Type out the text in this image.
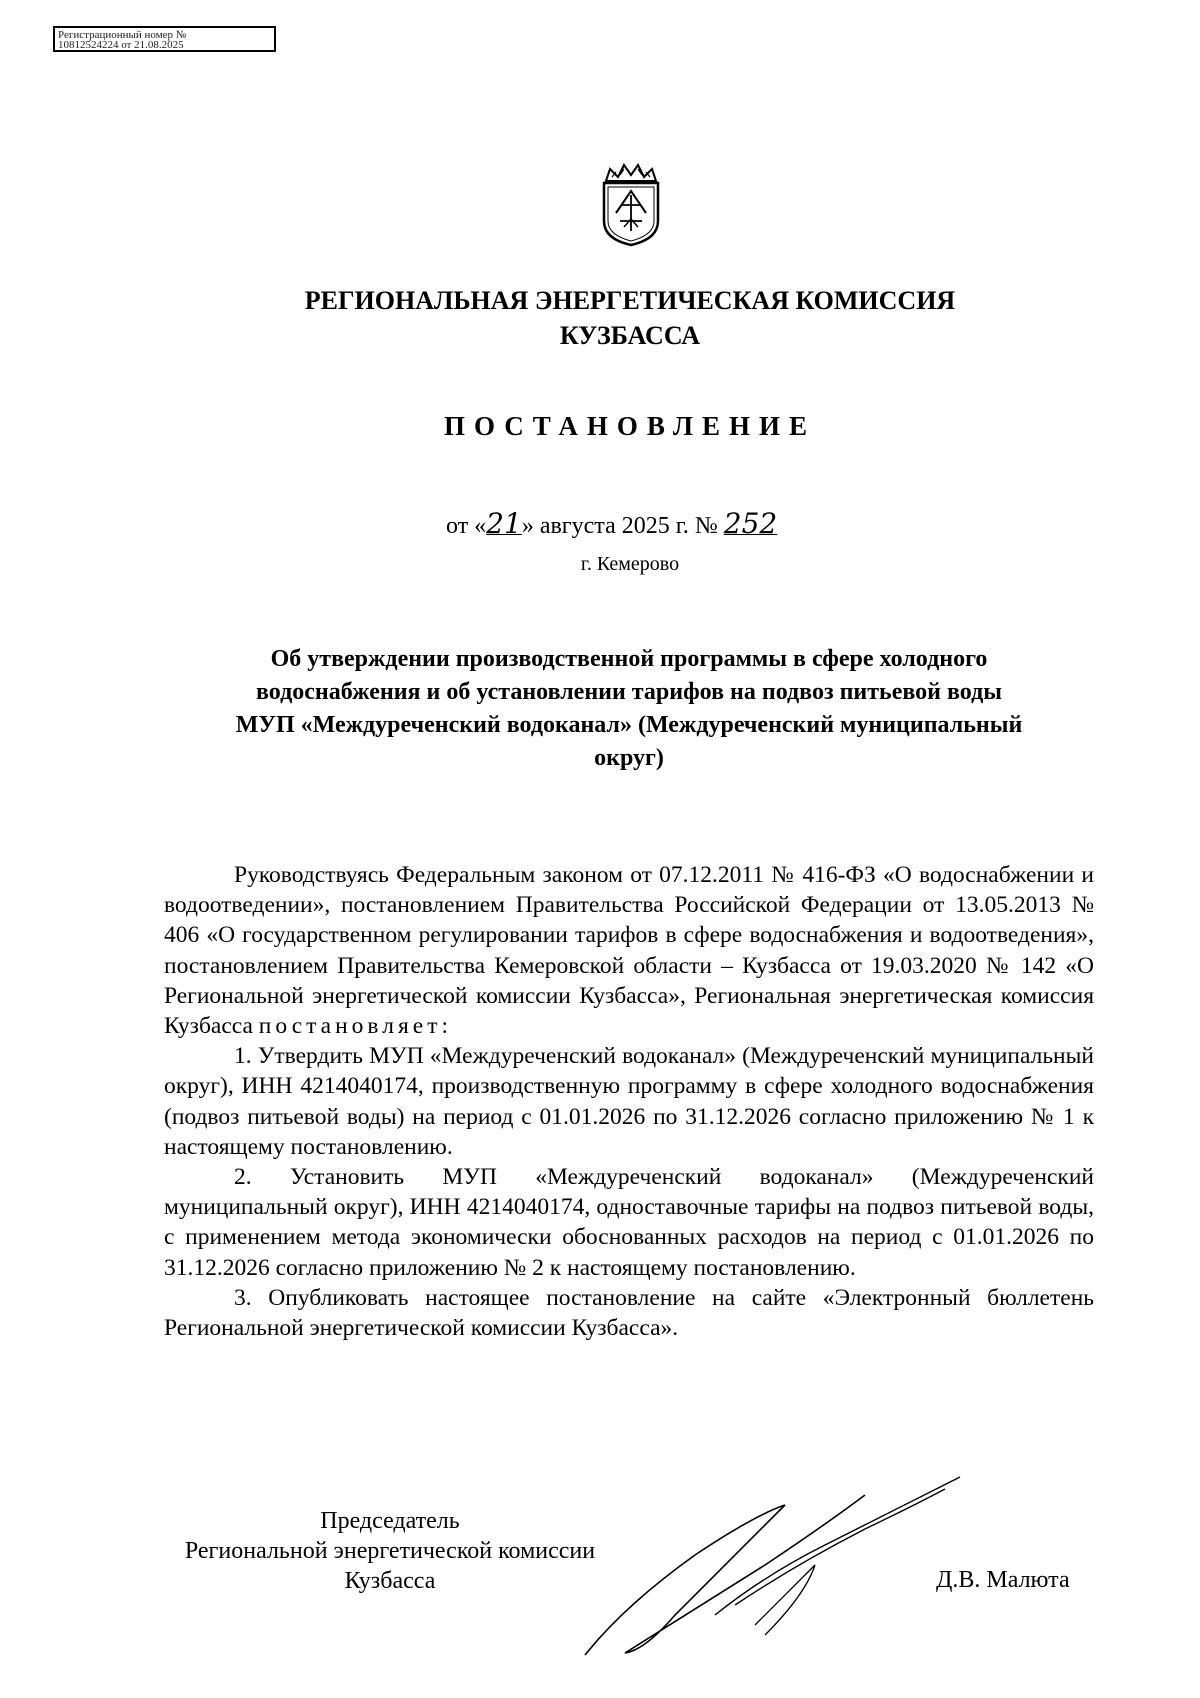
Регистрационный номер №
10812524224 от 21.08.2025
РЕГИОНАЛЬНАЯ ЭНЕРГЕТИЧЕСКАЯ КОМИССИЯ
КУЗБАССА
ПОСТАНОВЛЕНИЕ
от «21» августа 2025 г. № 252
г. Кемерово
Об утверждении производственной программы в сфере холодного
водоснабжения и об установлении тарифов на подвоз питьевой воды
МУП «Междуреченский водоканал» (Междуреченский муниципальный
округ)

Руководствуясь Федеральным законом от 07.12.2011 № 416-ФЗ «О водоснабжении и водоотведении», постановлением Правительства Российской Федерации от 13.05.2013 № 406 «О государственном регулировании тарифов в сфере водоснабжения и водоотведения», постановлением Правительства Кемеровской области – Кузбасса от 19.03.2020 № 142 «О Региональной энергетической комиссии Кузбасса», Региональная энергетическая комиссия Кузбасса постановляет:

1. Утвердить МУП «Междуреченский водоканал» (Междуреченский муниципальный округ), ИНН 4214040174, производственную программу в сфере холодного водоснабжения (подвоз питьевой воды) на период с 01.01.2026 по 31.12.2026 согласно приложению № 1 к настоящему постановлению.

2. Установить МУП «Междуреченский водоканал» (Междуреченский муниципальный округ), ИНН 4214040174, одноставочные тарифы на подвоз питьевой воды, с применением метода экономически обоснованных расходов на период с 01.01.2026 по 31.12.2026 согласно приложению № 2 к настоящему постановлению.

3. Опубликовать настоящее постановление на сайте «Электронный бюллетень Региональной энергетической комиссии Кузбасса».

Председатель
Региональной энергетической комиссии
Кузбасса	Д.В. Малюта
